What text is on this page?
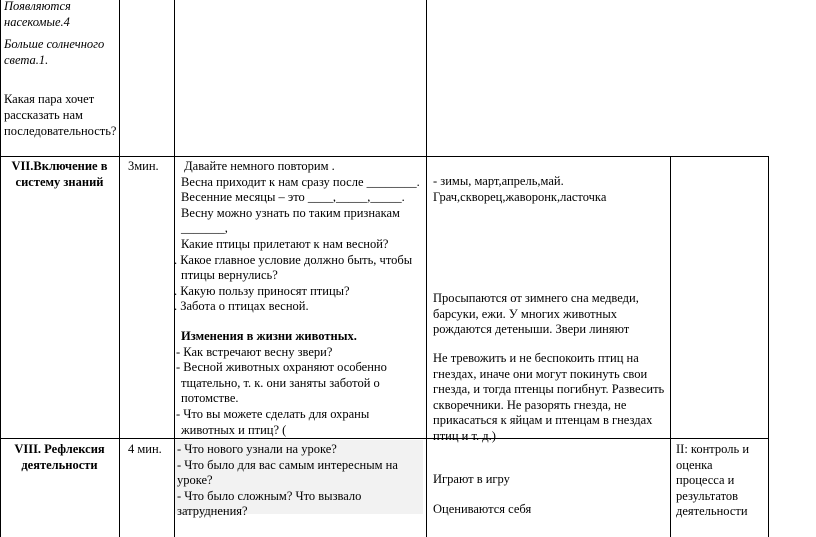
Появляются
насекомые.4
Больше солнечного
света.1.
Какая пара хочет
рассказать нам
последовательность?
VII.Включение в
систему знаний
3мин. Давайте немного повторим .
Весна приходит к нам сразу после ________.
Весенние месяцы – это ____,_____,_____.
Весну можно узнать по таким признакам
_______,
Какие птицы прилетают к нам весной?
. Какое главное условие должно быть, чтобы
птицы вернулись?
. Какую пользу приносят птицы?
. Забота о птицах весной.
Изменения в жизни животных.
- Как встречают весну звери?
- Весной животных охраняют особенно
тщательно, т. к. они заняты заботой о
потомстве.
- Что вы можете сделать для охраны
животных и птиц? (
- зимы, март,апрель,май.
Грач,скворец,жаворонк,ласточка
Просыпаются от зимнего сна медведи,
барсуки, ежи. У многих животных
рождаются детеныши. Звери линяют
Не тревожить и не беспокоить птиц на
гнездах, иначе они могут покинуть свои
гнезда, и тогда птенцы погибнут. Развесить
скворечники. Не разорять гнезда, не
прикасаться к яйцам и птенцам в гнездах
птиц и т. д.)
VIII. Рефлексия
деятельности
4 мин. - Что нового узнали на уроке?
- Что было для вас самым интересным на
уроке?
- Что было сложным? Что вызвало
затруднения?
Играют в игру
Оцениваются себя
II: контроль и
оценка
процесса и
результатов
деятельности
